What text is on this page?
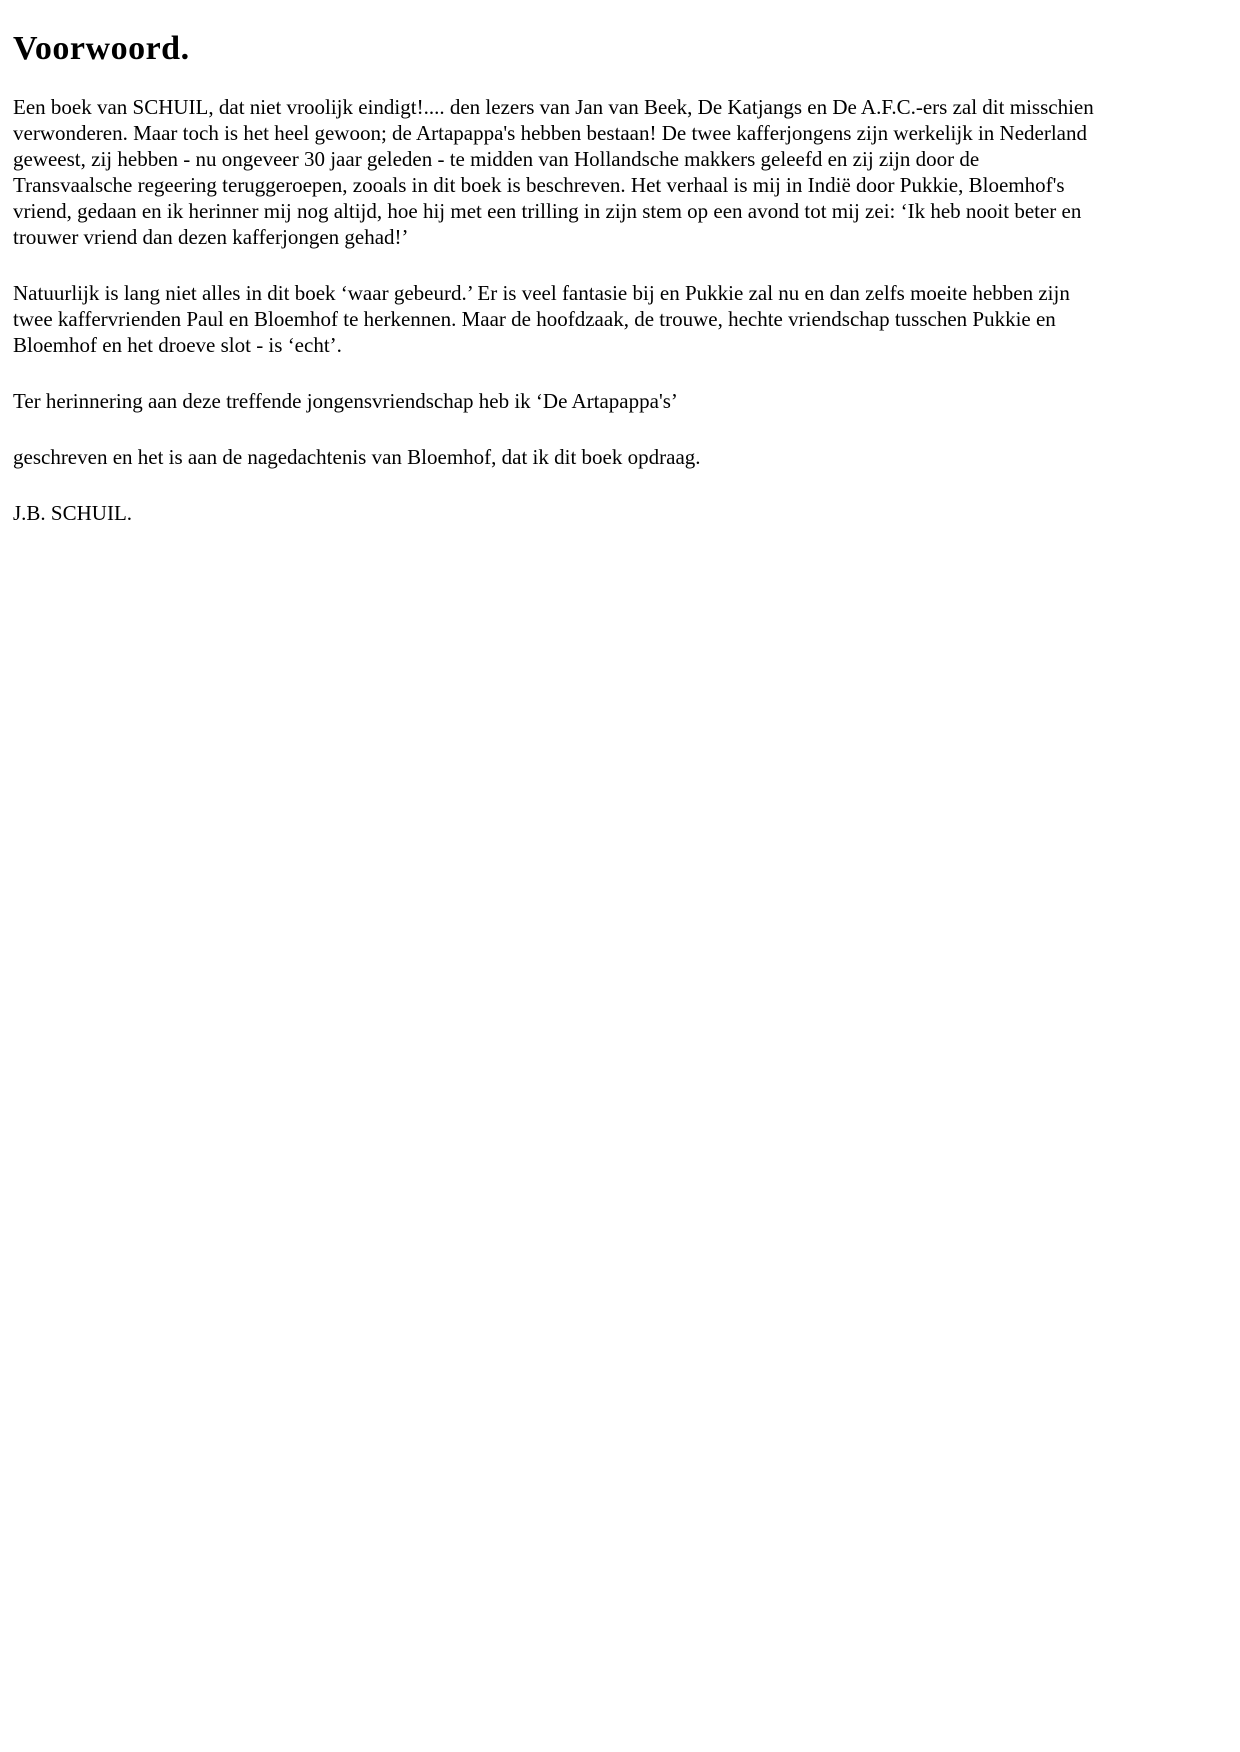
Voorwoord.

Een boek van SCHUIL, dat niet vroolijk eindigt!.... den lezers van Jan van Beek, De Katjangs en De A.F.C.-ers zal dit misschien verwonderen. Maar toch is het heel gewoon; de Artapappa's hebben bestaan! De twee kafferjongens zijn werkelijk in Nederland geweest, zij hebben - nu ongeveer 30 jaar geleden - te midden van Hollandsche makkers geleefd en zij zijn door de Transvaalsche regeering teruggeroepen, zooals in dit boek is beschreven. Het verhaal is mij in Indië door Pukkie, Bloemhof's vriend, gedaan en ik herinner mij nog altijd, hoe hij met een trilling in zijn stem op een avond tot mij zei: ‘Ik heb nooit beter en trouwer vriend dan dezen kafferjongen gehad!’

Natuurlijk is lang niet alles in dit boek ‘waar gebeurd.’ Er is veel fantasie bij en Pukkie zal nu en dan zelfs moeite hebben zijn twee kaffervrienden Paul en Bloemhof te herkennen. Maar de hoofdzaak, de trouwe, hechte vriendschap tusschen Pukkie en Bloemhof en het droeve slot - is ‘echt’.

Ter herinnering aan deze treffende jongensvriendschap heb ik ‘De Artapappa's’

geschreven en het is aan de nagedachtenis van Bloemhof, dat ik dit boek opdraag.

J.B. SCHUIL.
